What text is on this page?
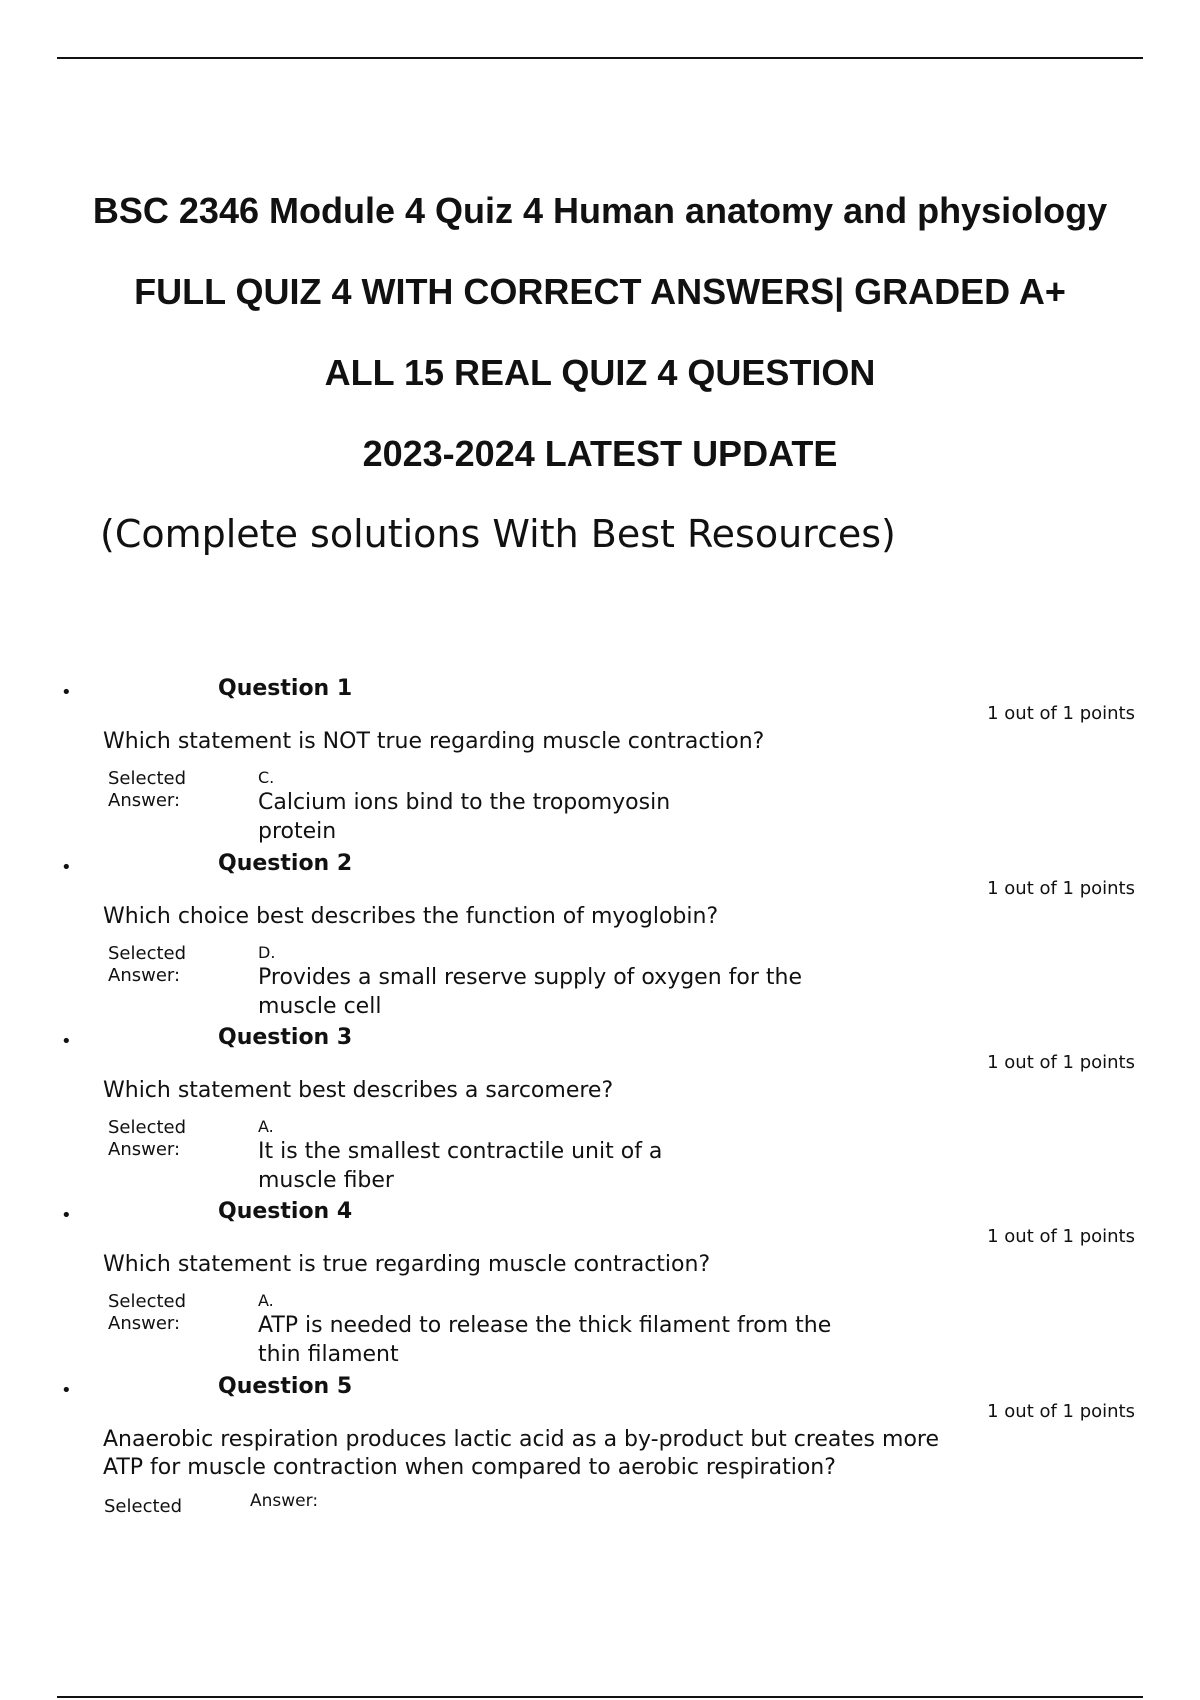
BSC 2346 Module 4 Quiz 4 Human anatomy and physiology

FULL QUIZ 4 WITH CORRECT ANSWERS| GRADED A+

ALL 15 REAL QUIZ 4 QUESTION

2023-2024 LATEST UPDATE

(Complete solutions With Best Resources)
•	Question 1
1 out of 1 points
Which statement is NOT true regarding muscle contraction?
Selected
Answer:
C.
Calcium ions bind to the tropomyosin
protein
•	Question 2
1 out of 1 points
Which choice best describes the function of myoglobin?
Selected
Answer:
D.
Provides a small reserve supply of oxygen for the
muscle cell
•	Question 3
1 out of 1 points
Which statement best describes a sarcomere?
Selected
Answer:
A.
It is the smallest contractile unit of a
muscle fiber
•	Question 4
1 out of 1 points
Which statement is true regarding muscle contraction?
Selected
Answer:
A.
ATP is needed to release the thick filament from the
thin filament
•	Question 5
1 out of 1 points
Anaerobic respiration produces lactic acid as a by-product but creates more
ATP for muscle contraction when compared to aerobic respiration?
Selected	Answer:
